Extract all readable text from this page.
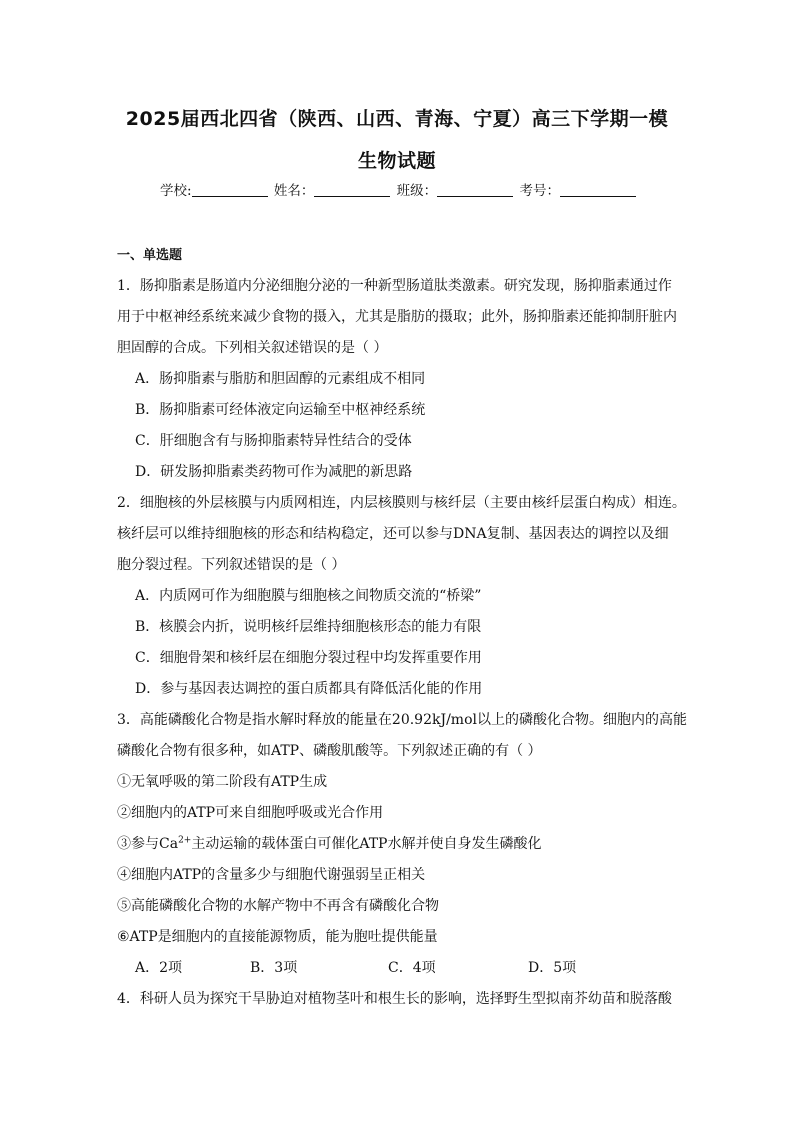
2025届西北四省（陕西、山西、青海、宁夏）高三下学期一模
生物试题
学校:	姓名：	班级：	考号：
一、单选题
1．肠抑脂素是肠道内分泌细胞分泌的一种新型肠道肽类激素。研究发现，肠抑脂素通过作
用于中枢神经系统来减少食物的摄入，尤其是脂肪的摄取；此外，肠抑脂素还能抑制肝脏内
胆固醇的合成。下列相关叙述错误的是（ ）
A．肠抑脂素与脂肪和胆固醇的元素组成不相同
B．肠抑脂素可经体液定向运输至中枢神经系统
C．肝细胞含有与肠抑脂素特异性结合的受体
D．研发肠抑脂素类药物可作为减肥的新思路
2．细胞核的外层核膜与内质网相连，内层核膜则与核纤层（主要由核纤层蛋白构成）相连。
核纤层可以维持细胞核的形态和结构稳定，还可以参与DNA复制、基因表达的调控以及细
胞分裂过程。下列叙述错误的是（ ）
A．内质网可作为细胞膜与细胞核之间物质交流的“桥梁”
B．核膜会内折，说明核纤层维持细胞核形态的能力有限
C．细胞骨架和核纤层在细胞分裂过程中均发挥重要作用
D．参与基因表达调控的蛋白质都具有降低活化能的作用
3．高能磷酸化合物是指水解时释放的能量在20.92kJ/mol以上的磷酸化合物。细胞内的高能
磷酸化合物有很多种，如ATP、磷酸肌酸等。下列叙述正确的有（ ）
①无氧呼吸的第二阶段有ATP生成
②细胞内的ATP可来自细胞呼吸或光合作用
③参与$Ca^{2+}$主动运输的载体蛋白可催化ATP水解并使自身发生磷酸化
④细胞内ATP的含量多少与细胞代谢强弱呈正相关
⑤高能磷酸化合物的水解产物中不再含有磷酸化合物
⑥ATP是细胞内的直接能源物质，能为胞吐提供能量
A．2项	B．3项	C．4项	D．5项
4．科研人员为探究干旱胁迫对植物茎叶和根生长的影响，选择野生型拟南芥幼苗和脱落酸
